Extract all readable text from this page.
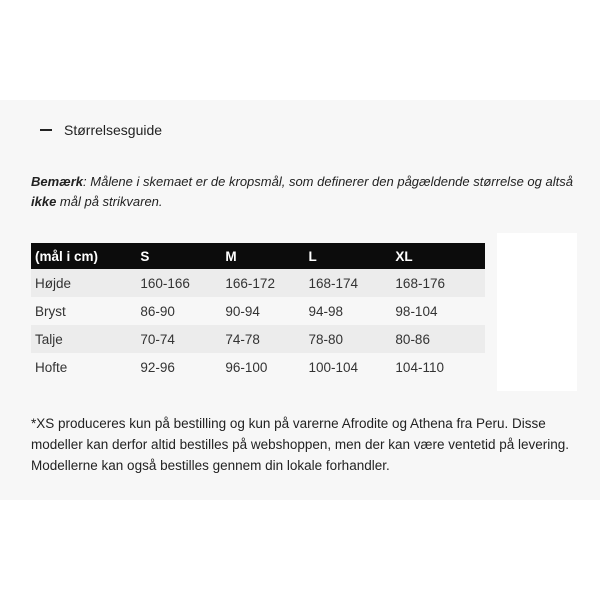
Størrelsesguide
Bemærk: Målene i skemaet er de kropsmål, som definerer den pågældende størrelse og altså ikke mål på strikvaren.
(mål i cm)	S	M	L	XL
Højde	160-166	166-172	168-174	168-176
Bryst	86-90	90-94	94-98	98-104
Talje	70-74	74-78	78-80	80-86
Hofte	92-96	96-100	100-104	104-110
*XS produceres kun på bestilling og kun på varerne Afrodite og Athena fra Peru. Disse modeller kan derfor altid bestilles på webshoppen, men der kan være ventetid på levering. Modellerne kan også bestilles gennem din lokale forhandler.
